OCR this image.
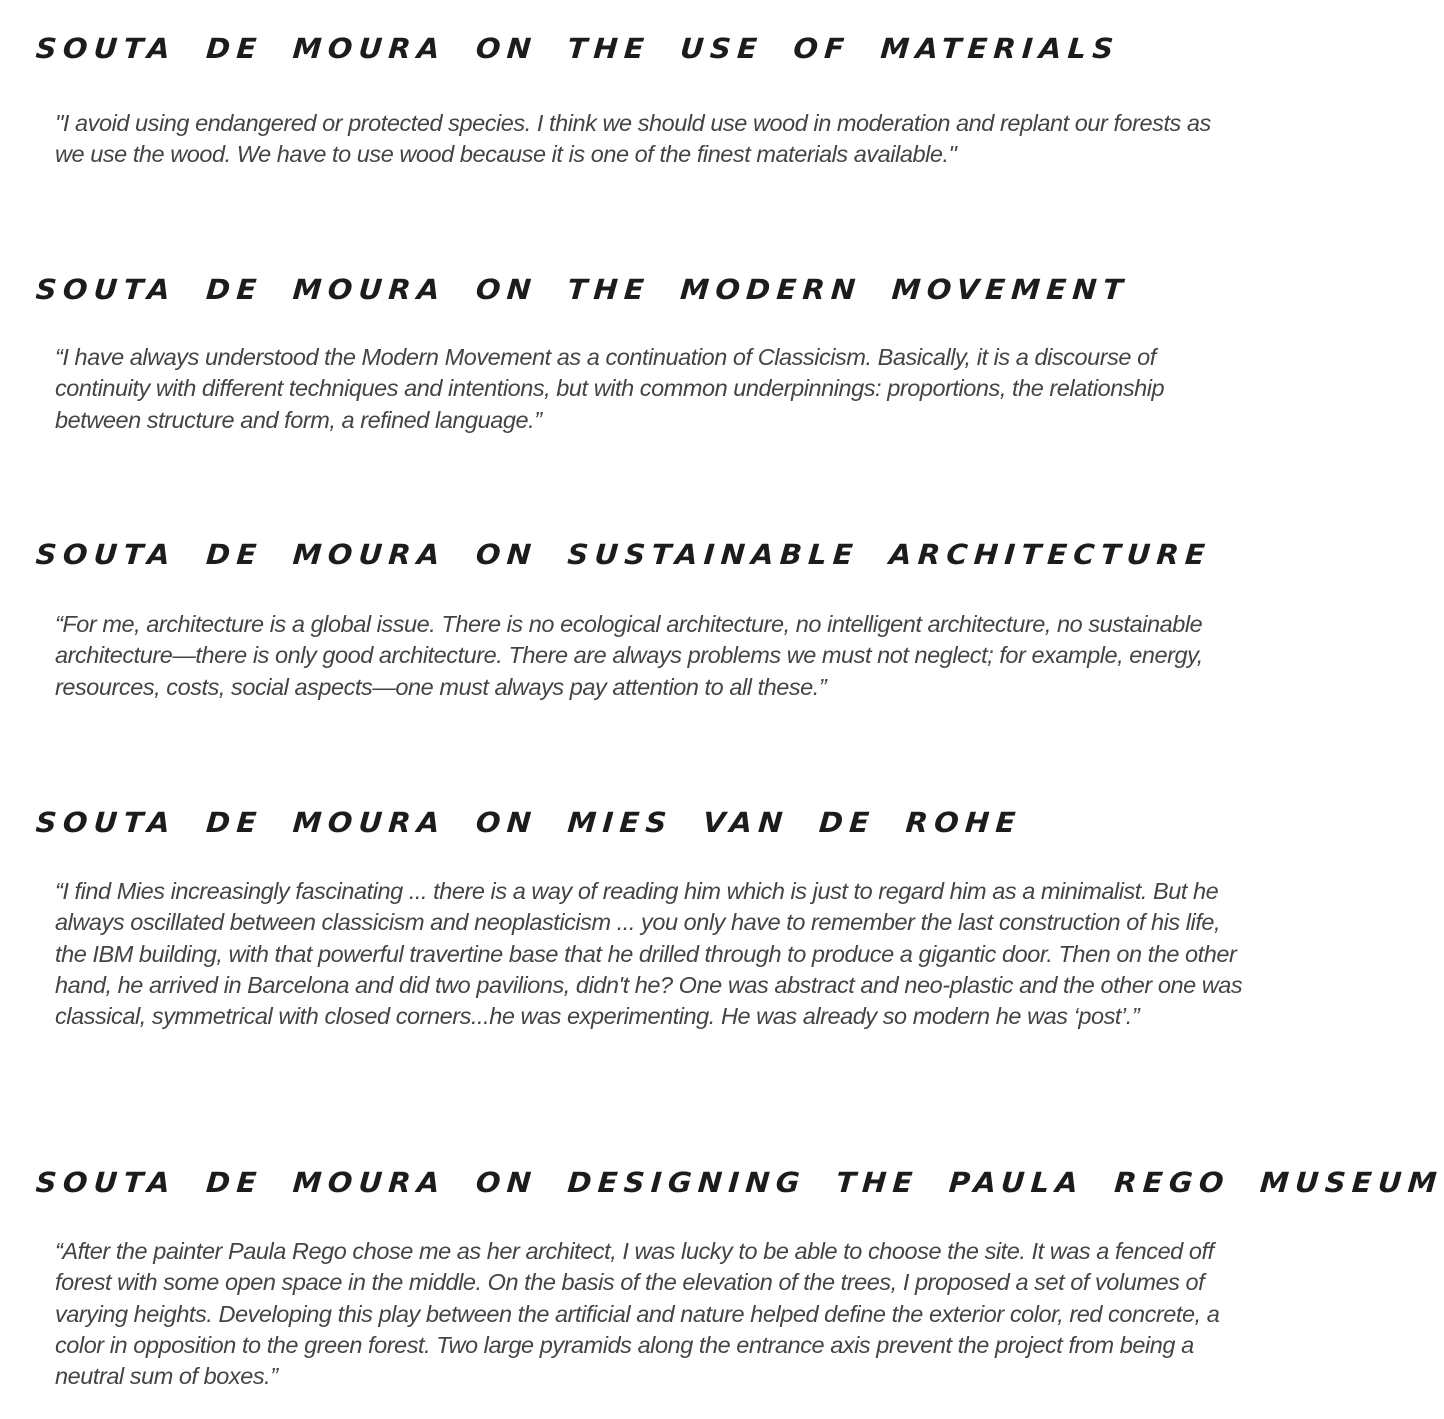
SOUTA DE MOURA ON THE USE OF MATERIALS

"I avoid using endangered or protected species. I think we should use wood in moderation and replant our forests as we use the wood. We have to use wood because it is one of the finest materials available."

SOUTA DE MOURA ON THE MODERN MOVEMENT

“I have always understood the Modern Movement as a continuation of Classicism. Basically, it is a discourse of continuity with different techniques and intentions, but with common underpinnings: proportions, the relationship between structure and form, a refined language.”

SOUTA DE MOURA ON SUSTAINABLE ARCHITECTURE

“For me, architecture is a global issue. There is no ecological architecture, no intelligent architecture, no sustainable architecture—there is only good architecture. There are always problems we must not neglect; for example, energy, resources, costs, social aspects—one must always pay attention to all these.”

SOUTA DE MOURA ON MIES VAN DE ROHE

“I find Mies increasingly fascinating ... there is a way of reading him which is just to regard him as a minimalist. But he always oscillated between classicism and neoplasticism ... you only have to remember the last construction of his life, the IBM building, with that powerful travertine base that he drilled through to produce a gigantic door. Then on the other hand, he arrived in Barcelona and did two pavilions, didn't he? One was abstract and neo-plastic and the other one was classical, symmetrical with closed corners...he was experimenting. He was already so modern he was ‘post’.”

SOUTA DE MOURA ON DESIGNING THE PAULA REGO MUSEUM

“After the painter Paula Rego chose me as her architect, I was lucky to be able to choose the site. It was a fenced off forest with some open space in the middle. On the basis of the elevation of the trees, I proposed a set of volumes of varying heights. Developing this play between the artificial and nature helped define the exterior color, red concrete, a color in opposition to the green forest. Two large pyramids along the entrance axis prevent the project from being a neutral sum of boxes.”
